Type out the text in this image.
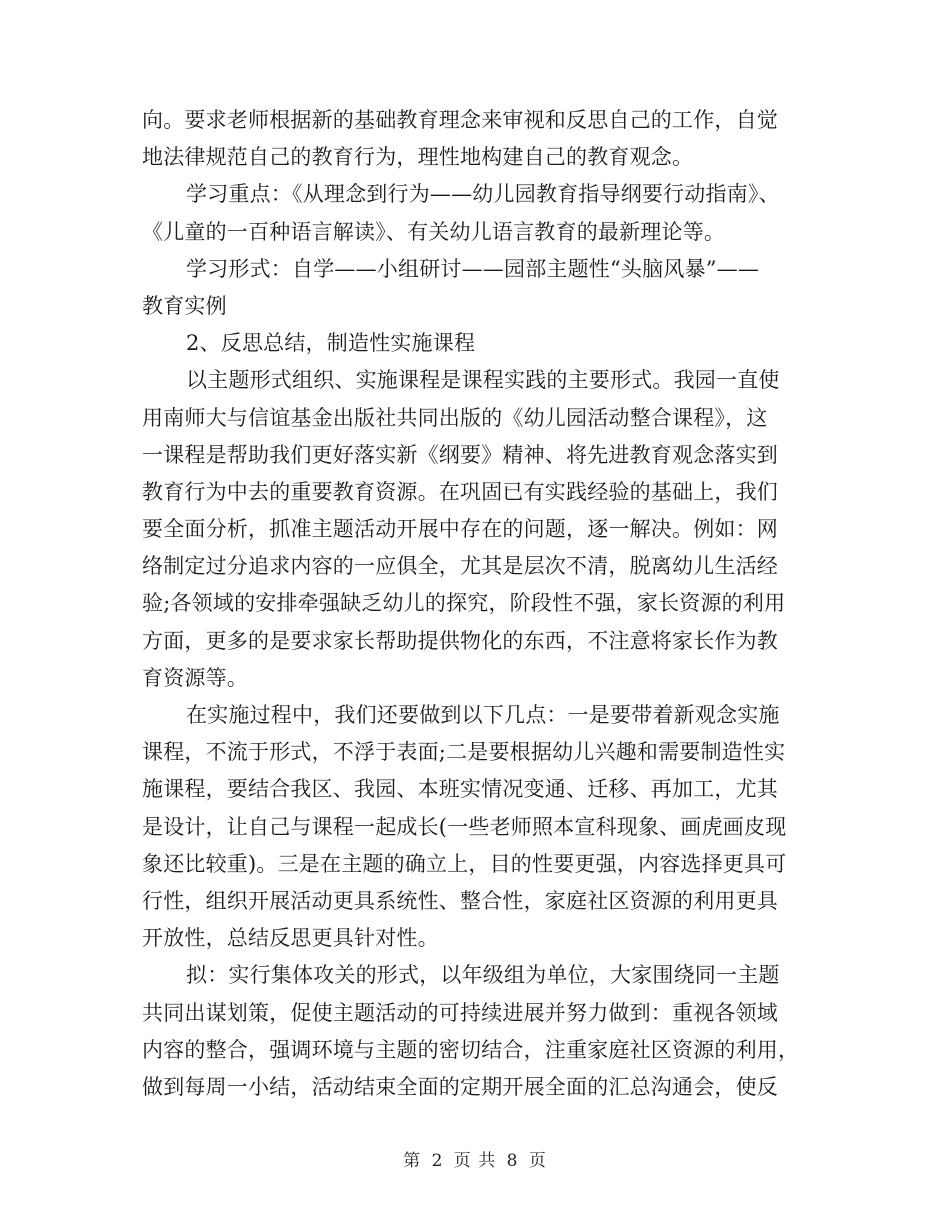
向。要求老师根据新的基础教育理念来审视和反思自己的工作，自觉
地法律规范自己的教育行为，理性地构建自己的教育观念。
学习重点：《从理念到行为——幼儿园教育指导纲要行动指南》、
《儿童的一百种语言解读》、有关幼儿语言教育的最新理论等。
学习形式：自学——小组研讨——园部主题性“头脑风暴”——
教育实例
2、反思总结，制造性实施课程
以主题形式组织、实施课程是课程实践的主要形式。我园一直使
用南师大与信谊基金出版社共同出版的《幼儿园活动整合课程》，这
一课程是帮助我们更好落实新《纲要》精神、将先进教育观念落实到
教育行为中去的重要教育资源。在巩固已有实践经验的基础上，我们
要全面分析，抓准主题活动开展中存在的问题，逐一解决。例如：网
络制定过分追求内容的一应俱全，尤其是层次不清，脱离幼儿生活经
验;各领域的安排牵强缺乏幼儿的探究，阶段性不强，家长资源的利用
方面，更多的是要求家长帮助提供物化的东西，不注意将家长作为教
育资源等。
在实施过程中，我们还要做到以下几点：一是要带着新观念实施
课程，不流于形式，不浮于表面;二是要根据幼儿兴趣和需要制造性实
施课程，要结合我区、我园、本班实情况变通、迁移、再加工，尤其
是设计，让自己与课程一起成长(一些老师照本宣科现象、画虎画皮现
象还比较重)。三是在主题的确立上，目的性要更强，内容选择更具可
行性，组织开展活动更具系统性、整合性，家庭社区资源的利用更具
开放性，总结反思更具针对性。
拟：实行集体攻关的形式，以年级组为单位，大家围绕同一主题
共同出谋划策，促使主题活动的可持续进展并努力做到：重视各领域
内容的整合，强调环境与主题的密切结合，注重家庭社区资源的利用，
做到每周一小结，活动结束全面的定期开展全面的汇总沟通会，使反
第 2 页 共 8 页
